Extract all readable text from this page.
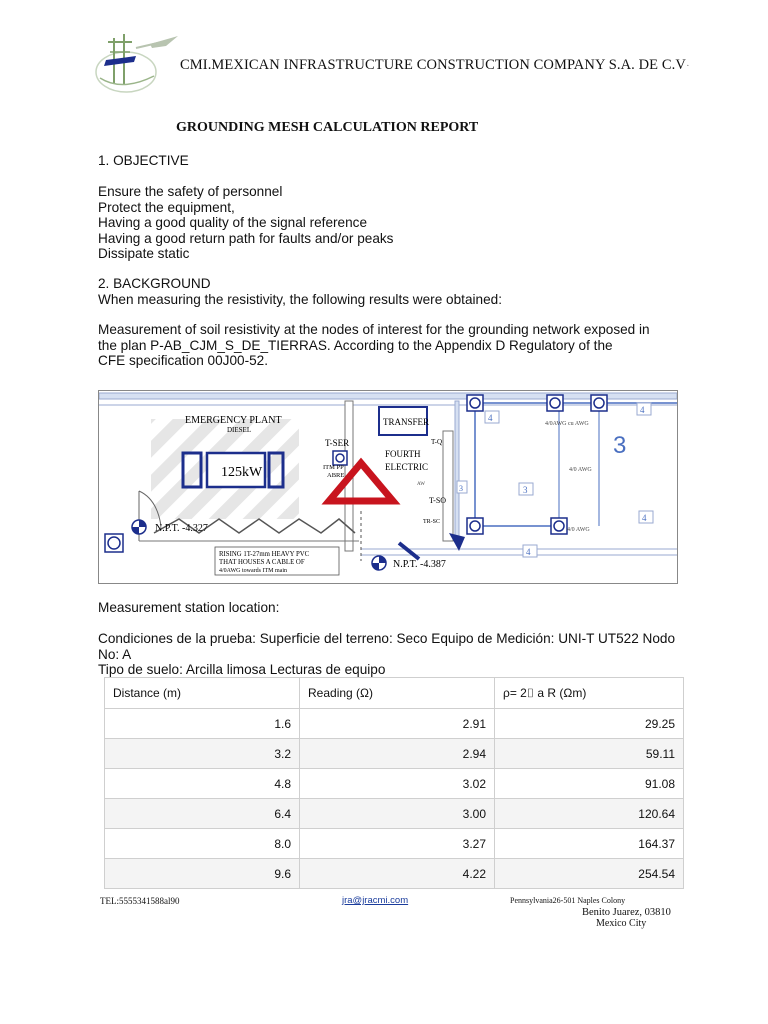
CMI.MEXICAN INFRASTRUCTURE CONSTRUCTION COMPANY S.A. DE C.V·
GROUNDING MESH CALCULATION REPORT
1. OBJECTIVE
Ensure the safety of personnel
Protect the equipment,
Having a good quality of the signal reference
Having a good return path for faults and/or peaks
Dissipate static
2. BACKGROUND
When measuring the resistivity, the following results were obtained:
Measurement of soil resistivity at the nodes of interest for the grounding network exposed in
the plan P-AB_CJM_S_DE_TIERRAS. According to the Appendix D Regulatory of the
CFE specification 00J00-52.
4
4
3
4
4
3
3
EMERGENCY PLANT
DIESEL
125kW
N.P.T. -4.327
N.P.T. -4.387
T-SER
TRANSFER
FOURTH
ELECTRIC
T-Q
T-SO
TR-SC
ITM PP
ABRE
RISING 1T-27mm HEAVY PVC
THAT HOUSES A CABLE OF
4/0AWG towards ITM main
4/0AWG cu AWG
4/0 AWG
4/0 AWG
AW
Measurement station location:
Condiciones de la prueba: Superficie del terreno: Seco Equipo de Medición: UNI-T UT522 Nodo
No: A
Tipo de suelo: Arcilla limosa Lecturas de equipo
Distance (m)	Reading (Ω)	ρ= 2⌷ a R (Ωm)
1.6	2.91	29.25
3.2	2.94	59.11
4.8	3.02	91.08
6.4	3.00	120.64
8.0	3.27	164.37
9.6	4.22	254.54
TEL:5555341588al90	jra@jracmi.com	Pennsylvania26-501 Naples Colony
Benito Juarez, 03810
Mexico City
